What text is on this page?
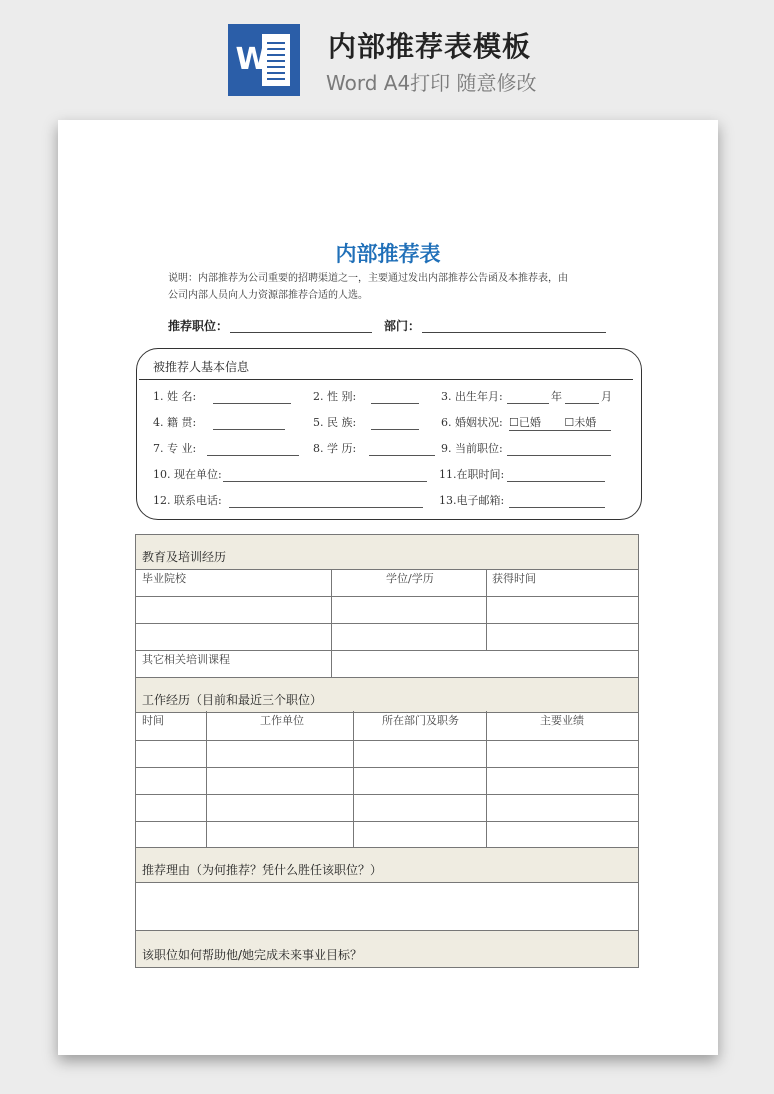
W 内部推荐表模板
Word A4打印 随意修改
内部推荐表
说明：内部推荐为公司重要的招聘渠道之一，主要通过发出内部推荐公告函及本推荐表，由
公司内部人员向人力资源部推荐合适的人选。
推荐职位：	部门：
被推荐人基本信息
1. 姓 名:	2. 性 别:	3. 出生年月:	年	月
4. 籍 贯:	5. 民 族:	6. 婚姻状况: ☐已婚 ☐未婚
7. 专 业:	8. 学 历:	9. 当前职位:
10. 现在单位:	11.在职时间:
12. 联系电话:	13.电子邮箱:
教育及培训经历
毕业院校	学位/学历	获得时间
其它相关培训课程
工作经历（目前和最近三个职位）
时间	工作单位	所在部门及职务	主要业绩
推荐理由（为何推荐？凭什么胜任该职位？）
该职位如何帮助他/她完成未来事业目标？
